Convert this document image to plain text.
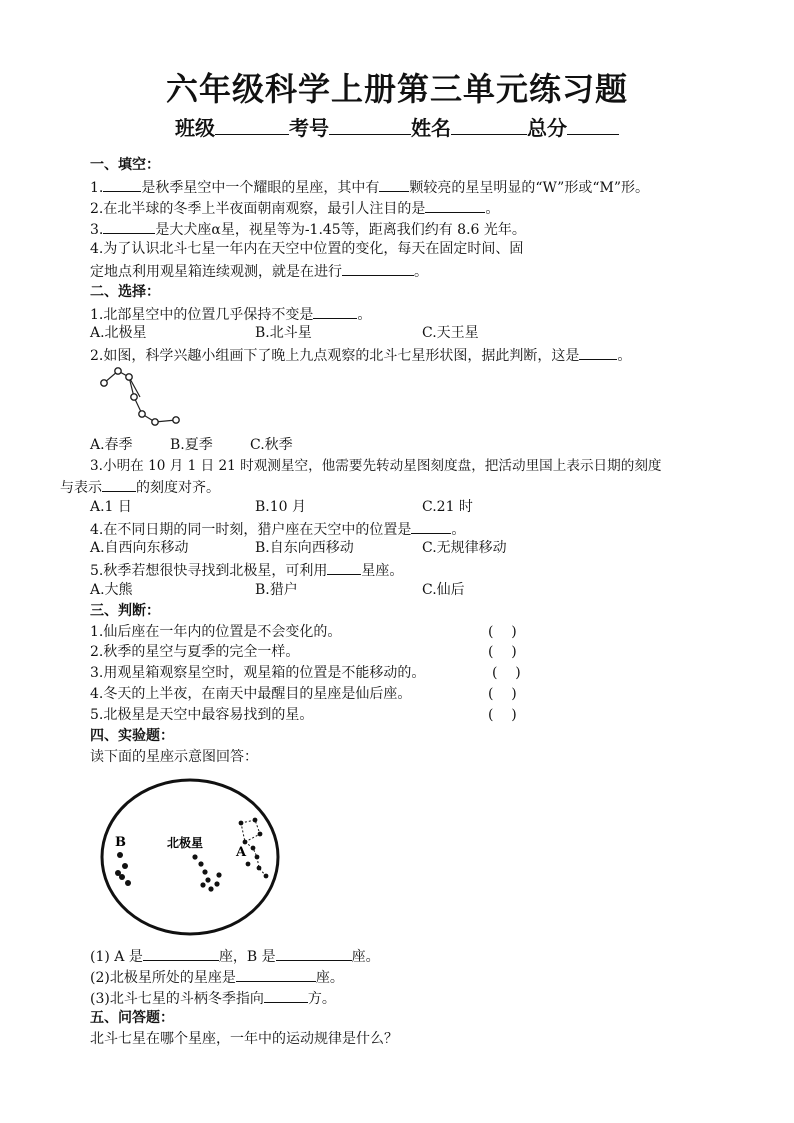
六年级科学上册第三单元练习题
班级	考号	姓名	总分
一、填空：
1.	是秋季星空中一个耀眼的星座，其中有 颗较亮的星呈明显的“W”形或“M”形。
2.在北半球的冬季上半夜面朝南观察，最引人注目的是	。
3.	是大犬座α星，视星等为-1.45等，距离我们约有 8.6 光年。
4.为了认识北斗七星一年内在天空中位置的变化，每天在固定时间、固
定地点利用观星箱连续观测，就是在进行	。
二、选择：
1.北部星空中的位置几乎保持不变是	。
A.北极星	B.北斗星	C.天王星
2.如图，科学兴趣小组画下了晚上九点观察的北斗七星形状图，据此判断，这是	。
A.春季	B.夏季	C.秋季
3.小明在 10 月 1 日 21 时观测星空，他需要先转动星图刻度盘，把活动里国上表示日期的刻度
与表示 的刻度对齐。
A.1 日	B.10 月	C.21 时
4.在不同日期的同一时刻，猎户座在天空中的位置是	。
A.自西向东移动	B.自东向西移动	C.无规律移动
5.秋季若想很快寻找到北极星，可利用 星座。
A.大熊	B.猎户	C.仙后
三、判断：
1.仙后座在一年内的位置是不会变化的。	(    )
2.秋季的星空与夏季的完全一样。	(    )
3.用观星箱观察星空时，观星箱的位置是不能移动的。	(    )
4.冬天的上半夜，在南天中最醒目的星座是仙后座。	(    )
5.北极星是天空中最容易找到的星。	(    )
四、实验题：
读下面的星座示意图回答：
B	北极星
A
(1) A 是	座，B 是	座。
(2)北极星所处的星座是	座。
(3)北斗七星的斗柄冬季指向	方。
五、问答题：
北斗七星在哪个星座，一年中的运动规律是什么？
